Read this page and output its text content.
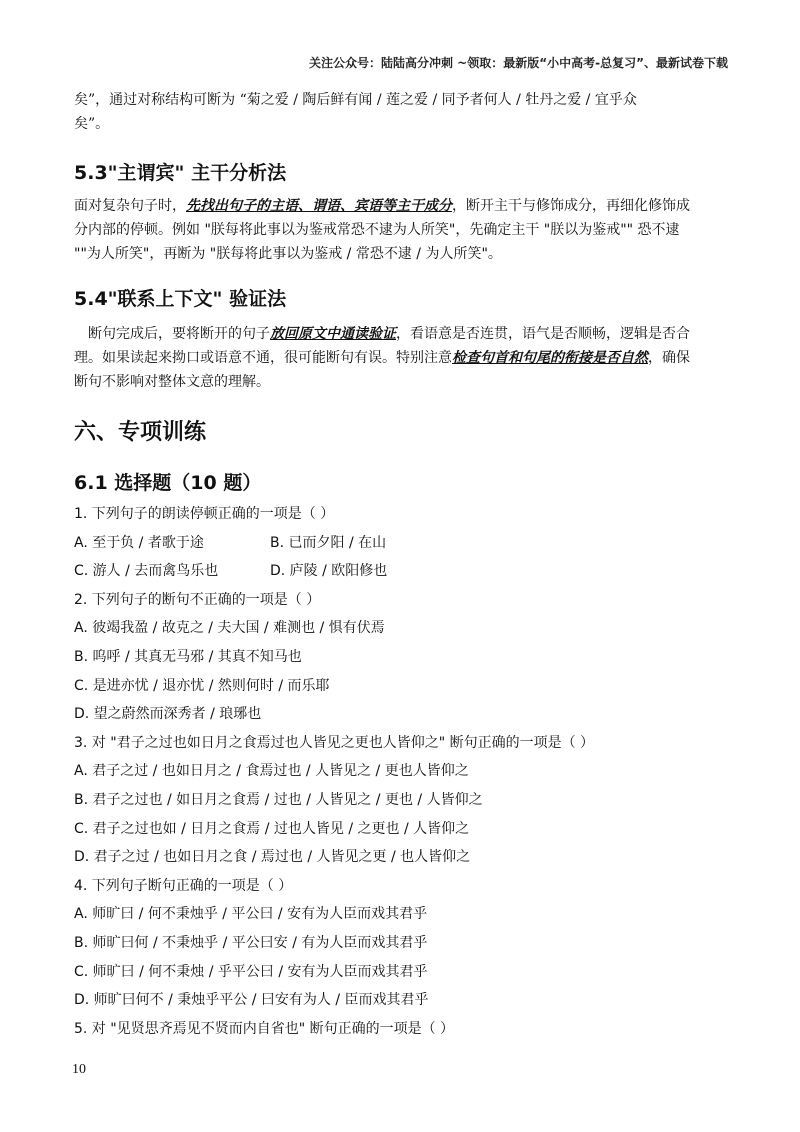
关注公众号：陆陆高分冲刺 ~领取：最新版“小中高考-总复习”、最新试卷下载

矣”，通过对称结构可断为 “菊之爱 / 陶后鲜有闻 / 莲之爱 / 同予者何人 / 牡丹之爱 / 宜乎众

矣”。

5.3"主谓宾" 主干分析法

面对复杂句子时，先找出句子的主语、谓语、宾语等主干成分，断开主干与修饰成分，再细化修饰成

分内部的停顿。例如 "朕每将此事以为鉴戒常恐不逮为人所笑"，先确定主干 "朕以为鉴戒"" 恐不逮

""为人所笑"，再断为 "朕每将此事以为鉴戒 / 常恐不逮 / 为人所笑"。

5.4"联系上下文" 验证法

　断句完成后，要将断开的句子放回原文中通读验证，看语意是否连贯，语气是否顺畅，逻辑是否合

理。如果读起来拗口或语意不通，很可能断句有误。特别注意检查句首和句尾的衔接是否自然，确保

断句不影响对整体文意的理解。

六、专项训练
6.1 选择题（10 题）

1. 下列句子的朗读停顿正确的一项是（ ）

A. 至于负 / 者歌于途	B. 已而夕阳 / 在山
C. 游人 / 去而禽鸟乐也	D. 庐陵 / 欧阳修也

2. 下列句子的断句不正确的一项是（ ）

A. 彼竭我盈 / 故克之 / 夫大国 / 难测也 / 惧有伏焉

B. 呜呼 / 其真无马邪 / 其真不知马也

C. 是进亦忧 / 退亦忧 / 然则何时 / 而乐耶

D. 望之蔚然而深秀者 / 琅琊也

3. 对 "君子之过也如日月之食焉过也人皆见之更也人皆仰之" 断句正确的一项是（ ）

A. 君子之过 / 也如日月之 / 食焉过也 / 人皆见之 / 更也人皆仰之

B. 君子之过也 / 如日月之食焉 / 过也 / 人皆见之 / 更也 / 人皆仰之

C. 君子之过也如 / 日月之食焉 / 过也人皆见 / 之更也 / 人皆仰之

D. 君子之过 / 也如日月之食 / 焉过也 / 人皆见之更 / 也人皆仰之

4. 下列句子断句正确的一项是（ ）

A. 师旷曰 / 何不秉烛乎 / 平公曰 / 安有为人臣而戏其君乎

B. 师旷曰何 / 不秉烛乎 / 平公曰安 / 有为人臣而戏其君乎

C. 师旷曰 / 何不秉烛 / 乎平公曰 / 安有为人臣而戏其君乎

D. 师旷曰何不 / 秉烛乎平公 / 曰安有为人 / 臣而戏其君乎

5. 对 "见贤思齐焉见不贤而内自省也" 断句正确的一项是（ ）

10
